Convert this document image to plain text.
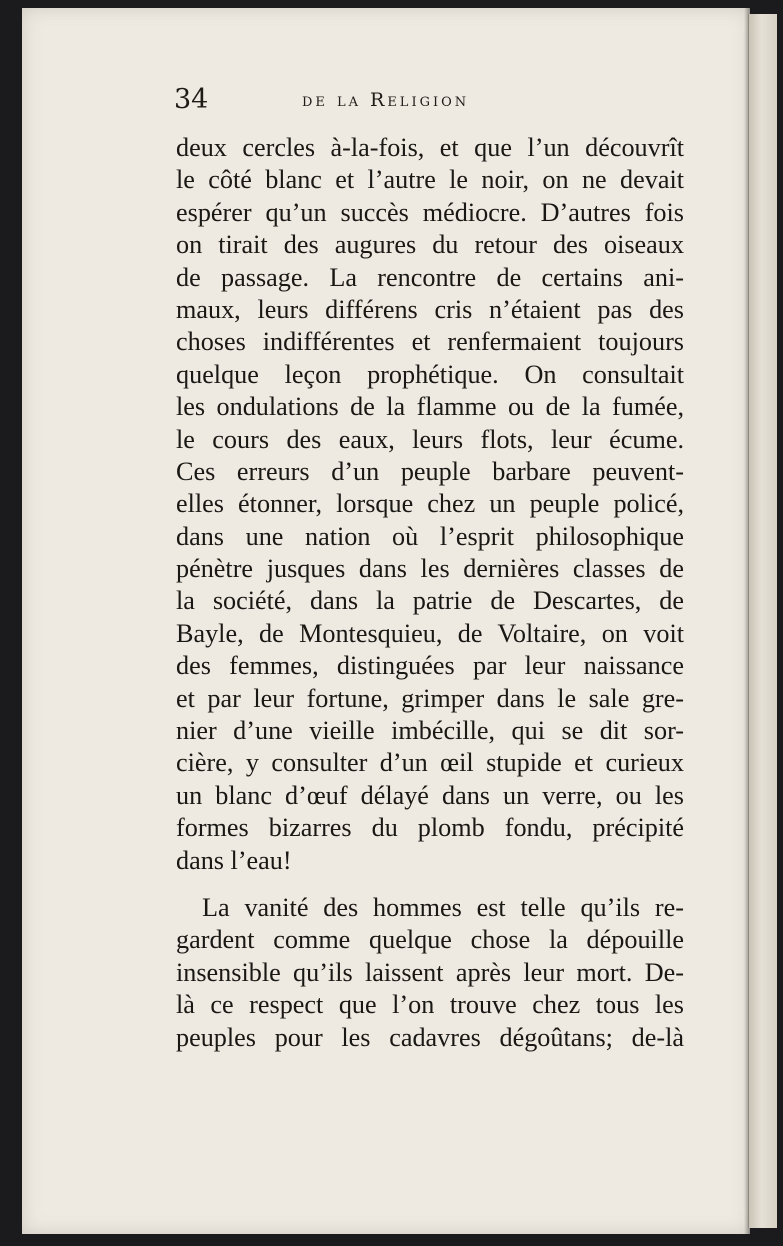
34	de la Religion
deux cercles à-la-fois, et que l’un découvrît
le côté blanc et l’autre le noir, on ne devait
espérer qu’un succès médiocre. D’autres fois
on tirait des augures du retour des oiseaux
de passage. La rencontre de certains ani-
maux, leurs différens cris n’étaient pas des
choses indifférentes et renfermaient toujours
quelque leçon prophétique. On consultait
les ondulations de la flamme ou de la fumée,
le cours des eaux, leurs flots, leur écume.
Ces erreurs d’un peuple barbare peuvent-
elles étonner, lorsque chez un peuple policé,
dans une nation où l’esprit philosophique
pénètre jusques dans les dernières classes de
la société, dans la patrie de Descartes, de
Bayle, de Montesquieu, de Voltaire, on voit
des femmes, distinguées par leur naissance
et par leur fortune, grimper dans le sale gre-
nier d’une vieille imbécille, qui se dit sor-
cière, y consulter d’un œil stupide et curieux
un blanc d’œuf délayé dans un verre, ou les
formes bizarres du plomb fondu, précipité
dans l’eau!
La vanité des hommes est telle qu’ils re-
gardent comme quelque chose la dépouille
insensible qu’ils laissent après leur mort. De-
là ce respect que l’on trouve chez tous les
peuples pour les cadavres dégoûtans; de-là
